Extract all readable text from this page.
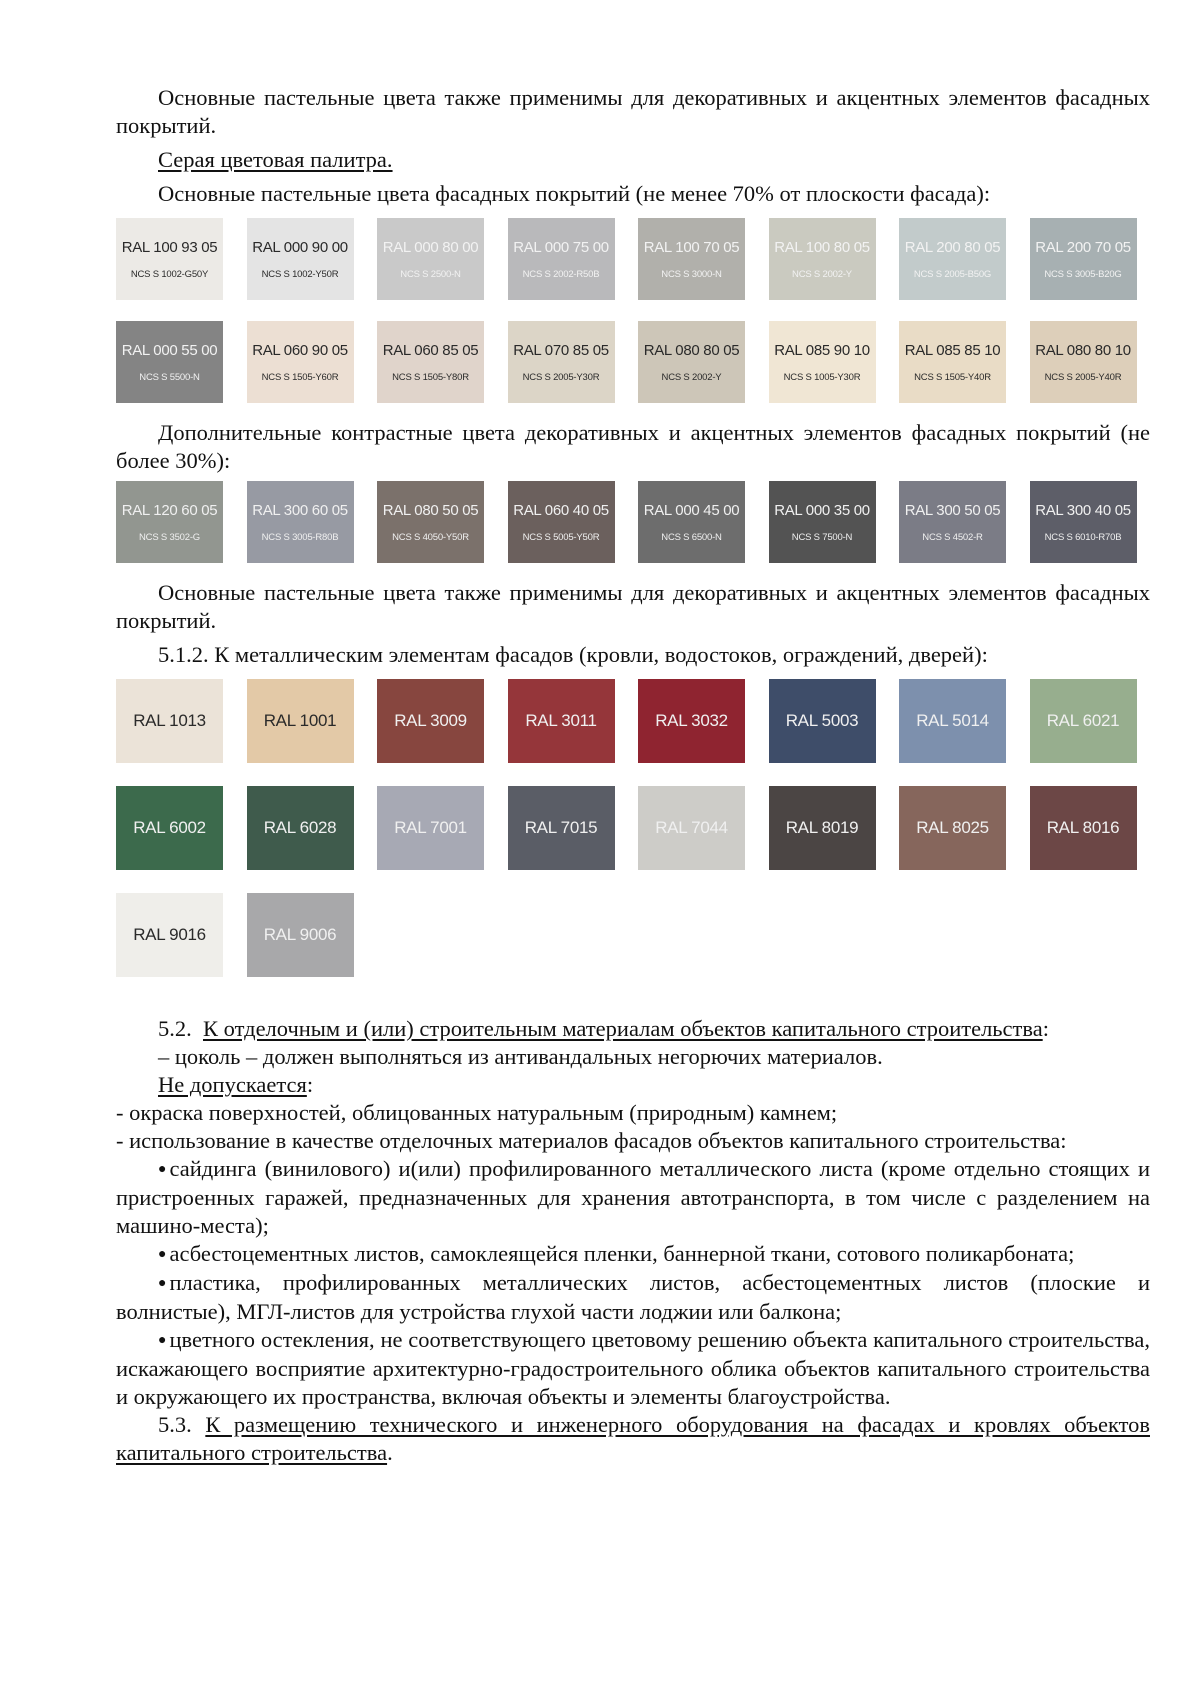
Основные пастельные цвета также применимы для декоративных и акцентных элементов фасадных покрытий.

Серая цветовая палитра.

Основные пастельные цвета фасадных покрытий (не менее 70% от плоскости фасада):

RAL 100 93 05
NCS S 1002-G50Y
RAL 000 90 00
NCS S 1002-Y50R
RAL 000 80 00
NCS S 2500-N
RAL 000 75 00
NCS S 2002-R50B
RAL 100 70 05
NCS S 3000-N
RAL 100 80 05
NCS S 2002-Y
RAL 200 80 05
NCS S 2005-B50G
RAL 200 70 05
NCS S 3005-B20G
RAL 000 55 00
NCS S 5500-N
RAL 060 90 05
NCS S 1505-Y60R
RAL 060 85 05
NCS S 1505-Y80R
RAL 070 85 05
NCS S 2005-Y30R
RAL 080 80 05
NCS S 2002-Y
RAL 085 90 10
NCS S 1005-Y30R
RAL 085 85 10
NCS S 1505-Y40R
RAL 080 80 10
NCS S 2005-Y40R

Дополнительные контрастные цвета декоративных и акцентных элементов фасадных покрытий (не более 30%):

RAL 120 60 05
NCS S 3502-G
RAL 300 60 05
NCS S 3005-R80B
RAL 080 50 05
NCS S 4050-Y50R
RAL 060 40 05
NCS S 5005-Y50R
RAL 000 45 00
NCS S 6500-N
RAL 000 35 00
NCS S 7500-N
RAL 300 50 05
NCS S 4502-R
RAL 300 40 05
NCS S 6010-R70B

Основные пастельные цвета также применимы для декоративных и акцентных элементов фасадных покрытий.

5.1.2. К металлическим элементам фасадов (кровли, водостоков, ограждений, дверей):

RAL 1013	RAL 1001	RAL 3009	RAL 3011	RAL 3032	RAL 5003	RAL 5014	RAL 6021
RAL 6002	RAL 6028	RAL 7001	RAL 7015	RAL 7044	RAL 8019	RAL 8025	RAL 8016
RAL 9016	RAL 9006

5.2. К отделочным и (или) строительным материалам объектов капитального строительства:

– цоколь – должен выполняться из антивандальных негорючих материалов.

Не допускается:

- окраска поверхностей, облицованных натуральным (природным) камнем;

- использование в качестве отделочных материалов фасадов объектов капитального строительства:

● сайдинга (винилового) и(или) профилированного металлического листа (кроме отдельно стоящих и пристроенных гаражей, предназначенных для хранения автотранспорта, в том числе с разделением на машино-места);

● асбестоцементных листов, самоклеящейся пленки, баннерной ткани, сотового поликарбоната;

● пластика, профилированных металлических листов, асбестоцементных листов (плоские и волнистые), МГЛ-листов для устройства глухой части лоджии или балкона;

● цветного остекления, не соответствующего цветовому решению объекта капитального строительства, искажающего восприятие архитектурно-градостроительного облика объектов капитального строительства и окружающего их пространства, включая объекты и элементы благоустройства.

5.3. К размещению технического и инженерного оборудования на фасадах и кровлях объектов капитального строительства.
